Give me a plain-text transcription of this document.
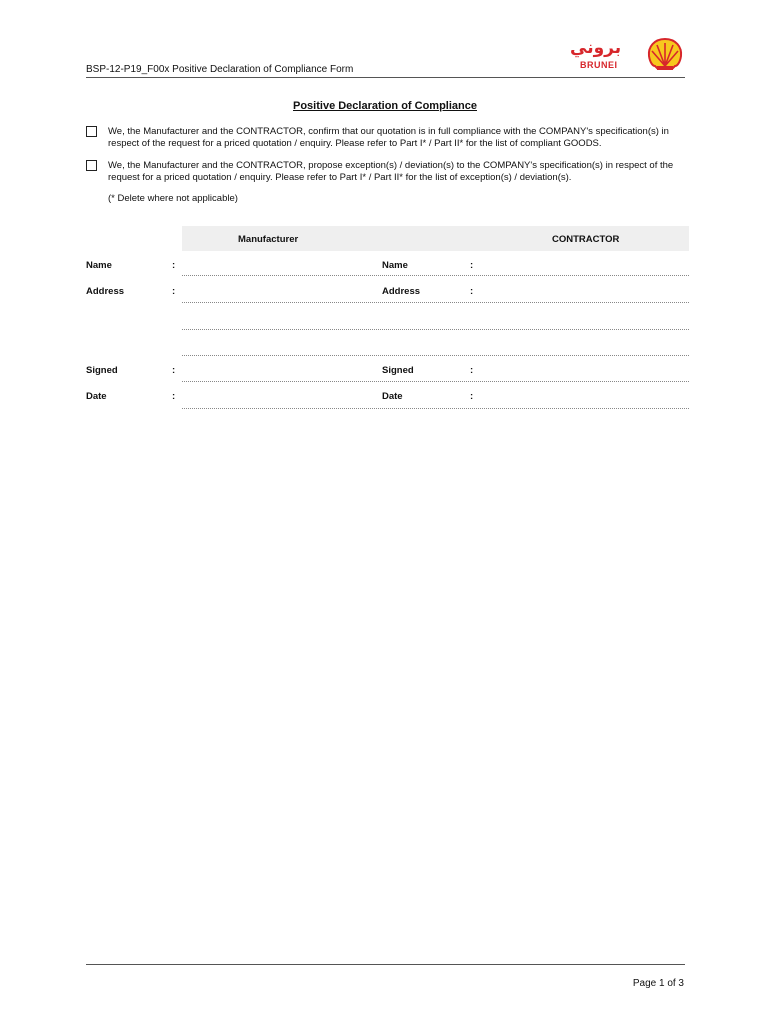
BSP-12-P19_F00x Positive Declaration of Compliance Form
بروني
BRUNEI
Positive Declaration of Compliance
We, the Manufacturer and the CONTRACTOR, confirm that our quotation is in full compliance with the COMPANY's specification(s) in respect of the request for a priced quotation / enquiry. Please refer to Part I* / Part II* for the list of compliant GOODS.
We, the Manufacturer and the CONTRACTOR, propose exception(s) / deviation(s) to the COMPANY's specification(s) in respect of the request for a priced quotation / enquiry. Please refer to Part I* / Part II* for the list of exception(s) / deviation(s).
(* Delete where not applicable)
Manufacturer	CONTRACTOR
Name	:	Name	:
Address	:	Address	:
Signed	:	Signed	:
Date	:	Date	:
Page 1 of 3
